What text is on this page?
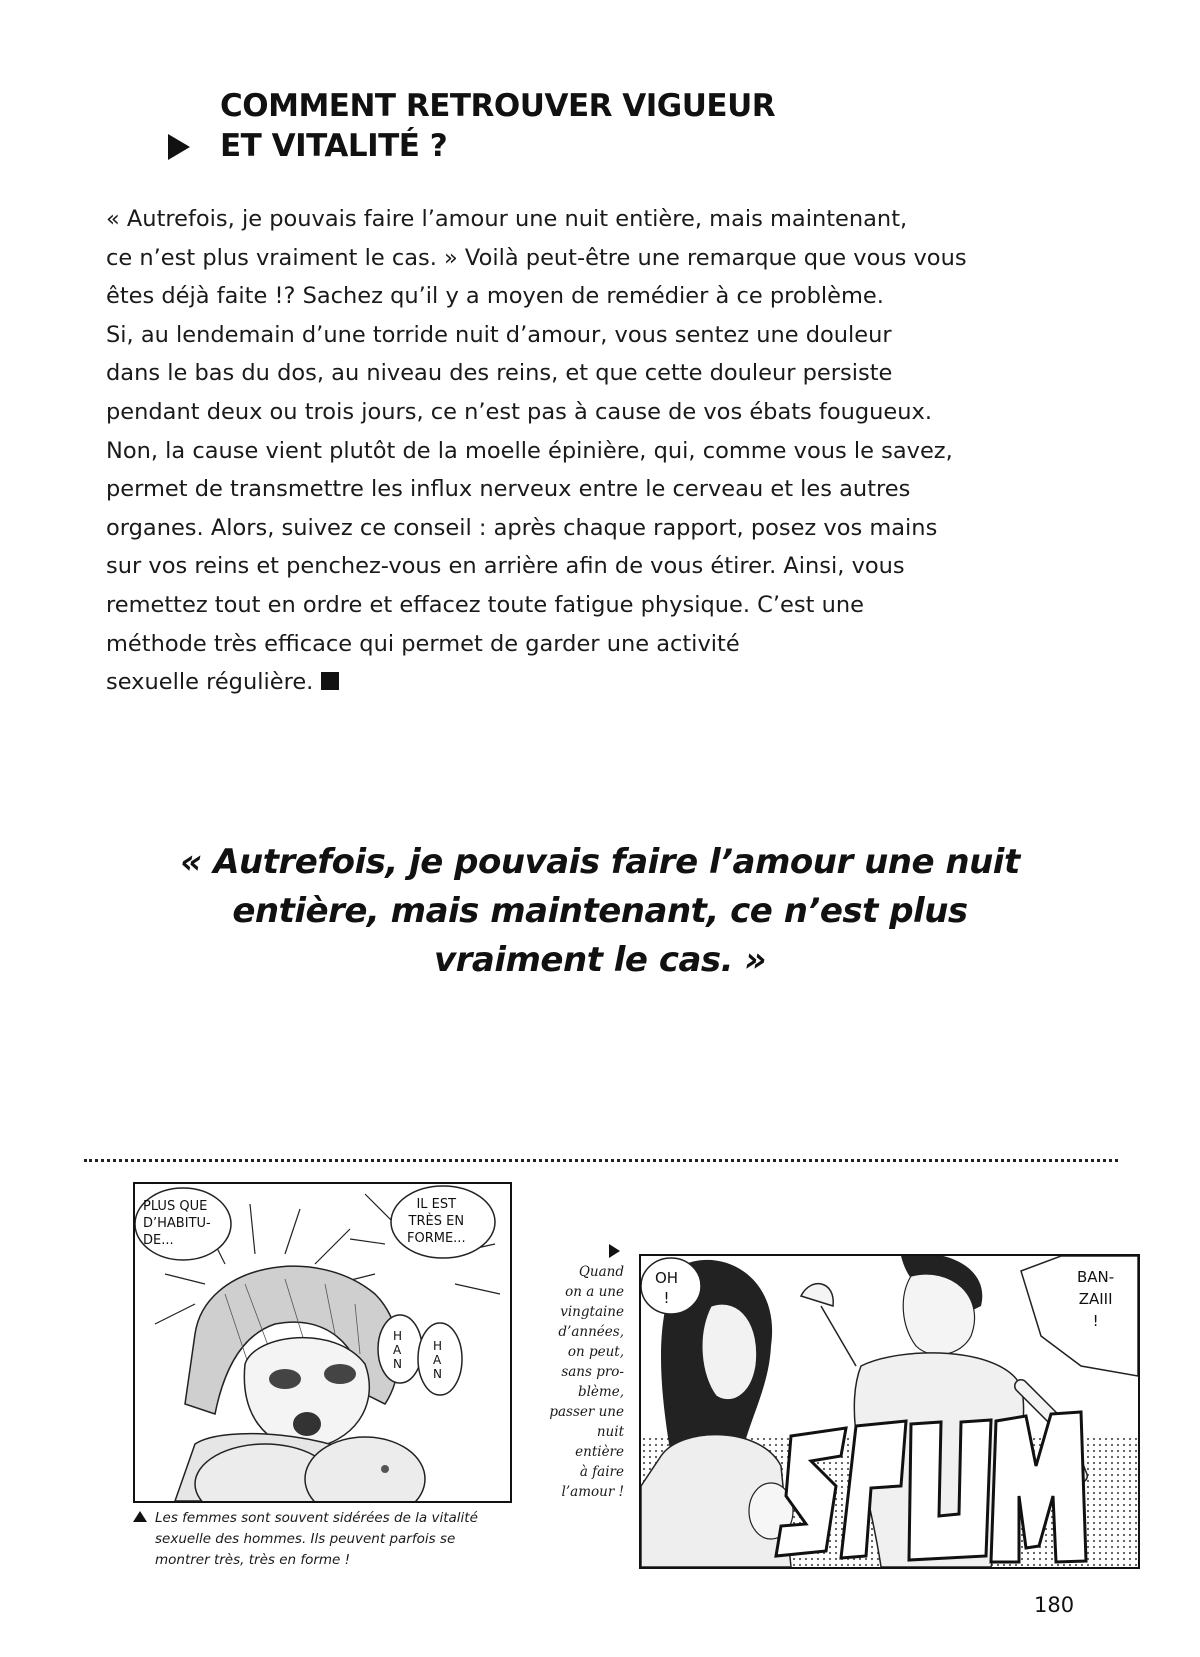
COMMENT RETROUVER VIGUEUR
ET VITALITÉ ?
« Autrefois, je pouvais faire l’amour une nuit entière, mais maintenant,
ce n’est plus vraiment le cas. » Voilà peut-être une remarque que vous vous
êtes déjà faite !? Sachez qu’il y a moyen de remédier à ce problème.
Si, au lendemain d’une torride nuit d’amour, vous sentez une douleur
dans le bas du dos, au niveau des reins, et que cette douleur persiste
pendant deux ou trois jours, ce n’est pas à cause de vos ébats fougueux.
Non, la cause vient plutôt de la moelle épinière, qui, comme vous le savez,
permet de transmettre les influx nerveux entre le cerveau et les autres
organes. Alors, suivez ce conseil : après chaque rapport, posez vos mains
sur vos reins et penchez-vous en arrière afin de vous étirer. Ainsi, vous
remettez tout en ordre et effacez toute fatigue physique. C’est une
méthode très efficace qui permet de garder une activité
sexuelle régulière.
« Autrefois, je pouvais faire l’amour une nuit
entière, mais maintenant, ce n’est plus
vraiment le cas. »
PLUS QUE
D’HABITU-
DE...
IL EST
TRÈS EN
FORME...
HAN
HAN
Les femmes sont souvent sidérées de la vitalité
sexuelle des hommes. Ils peuvent parfois se
montrer très, très en forme !
Quand
on a une
vingtaine
d’années,
on peut,
sans pro-
blème,
passer une
nuit
entière
à faire
l’amour !
OH
!
BAN-
ZAIII
!
180
